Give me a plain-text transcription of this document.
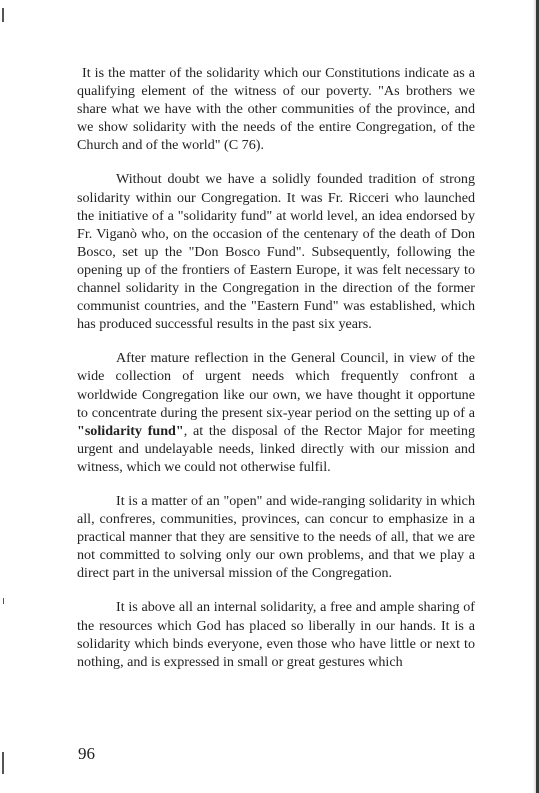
It is the matter of the solidarity which our Constitutions indicate as a qualifying element of the witness of our poverty. "As brothers we share what we have with the other communities of the province, and we show solidarity with the needs of the entire Congregation, of the Church and of the world" (C 76).

Without doubt we have a solidly founded tradition of strong solidarity within our Congregation. It was Fr. Ricceri who launched the initiative of a "solidarity fund" at world level, an idea endorsed by Fr. Viganò who, on the occasion of the centenary of the death of Don Bosco, set up the "Don Bosco Fund". Subsequently, following the opening up of the frontiers of Eastern Europe, it was felt necessary to channel solidarity in the Congregation in the direction of the former communist countries, and the "Eastern Fund" was established, which has produced successful results in the past six years.

After mature reflection in the General Council, in view of the wide collection of urgent needs which frequently confront a worldwide Congregation like our own, we have thought it opportune to concentrate during the present six-year period on the setting up of a "solidarity fund", at the disposal of the Rector Major for meeting urgent and undelayable needs, linked directly with our mission and witness, which we could not otherwise fulfil.

It is a matter of an "open" and wide-ranging solidarity in which all, confreres, communities, provinces, can concur to emphasize in a practical manner that they are sensitive to the needs of all, that we are not committed to solving only our own problems, and that we play a direct part in the universal mission of the Congregation.

It is above all an internal solidarity, a free and ample sharing of the resources which God has placed so liberally in our hands. It is a solidarity which binds everyone, even those who have little or next to nothing, and is expressed in small or great gestures which

96
